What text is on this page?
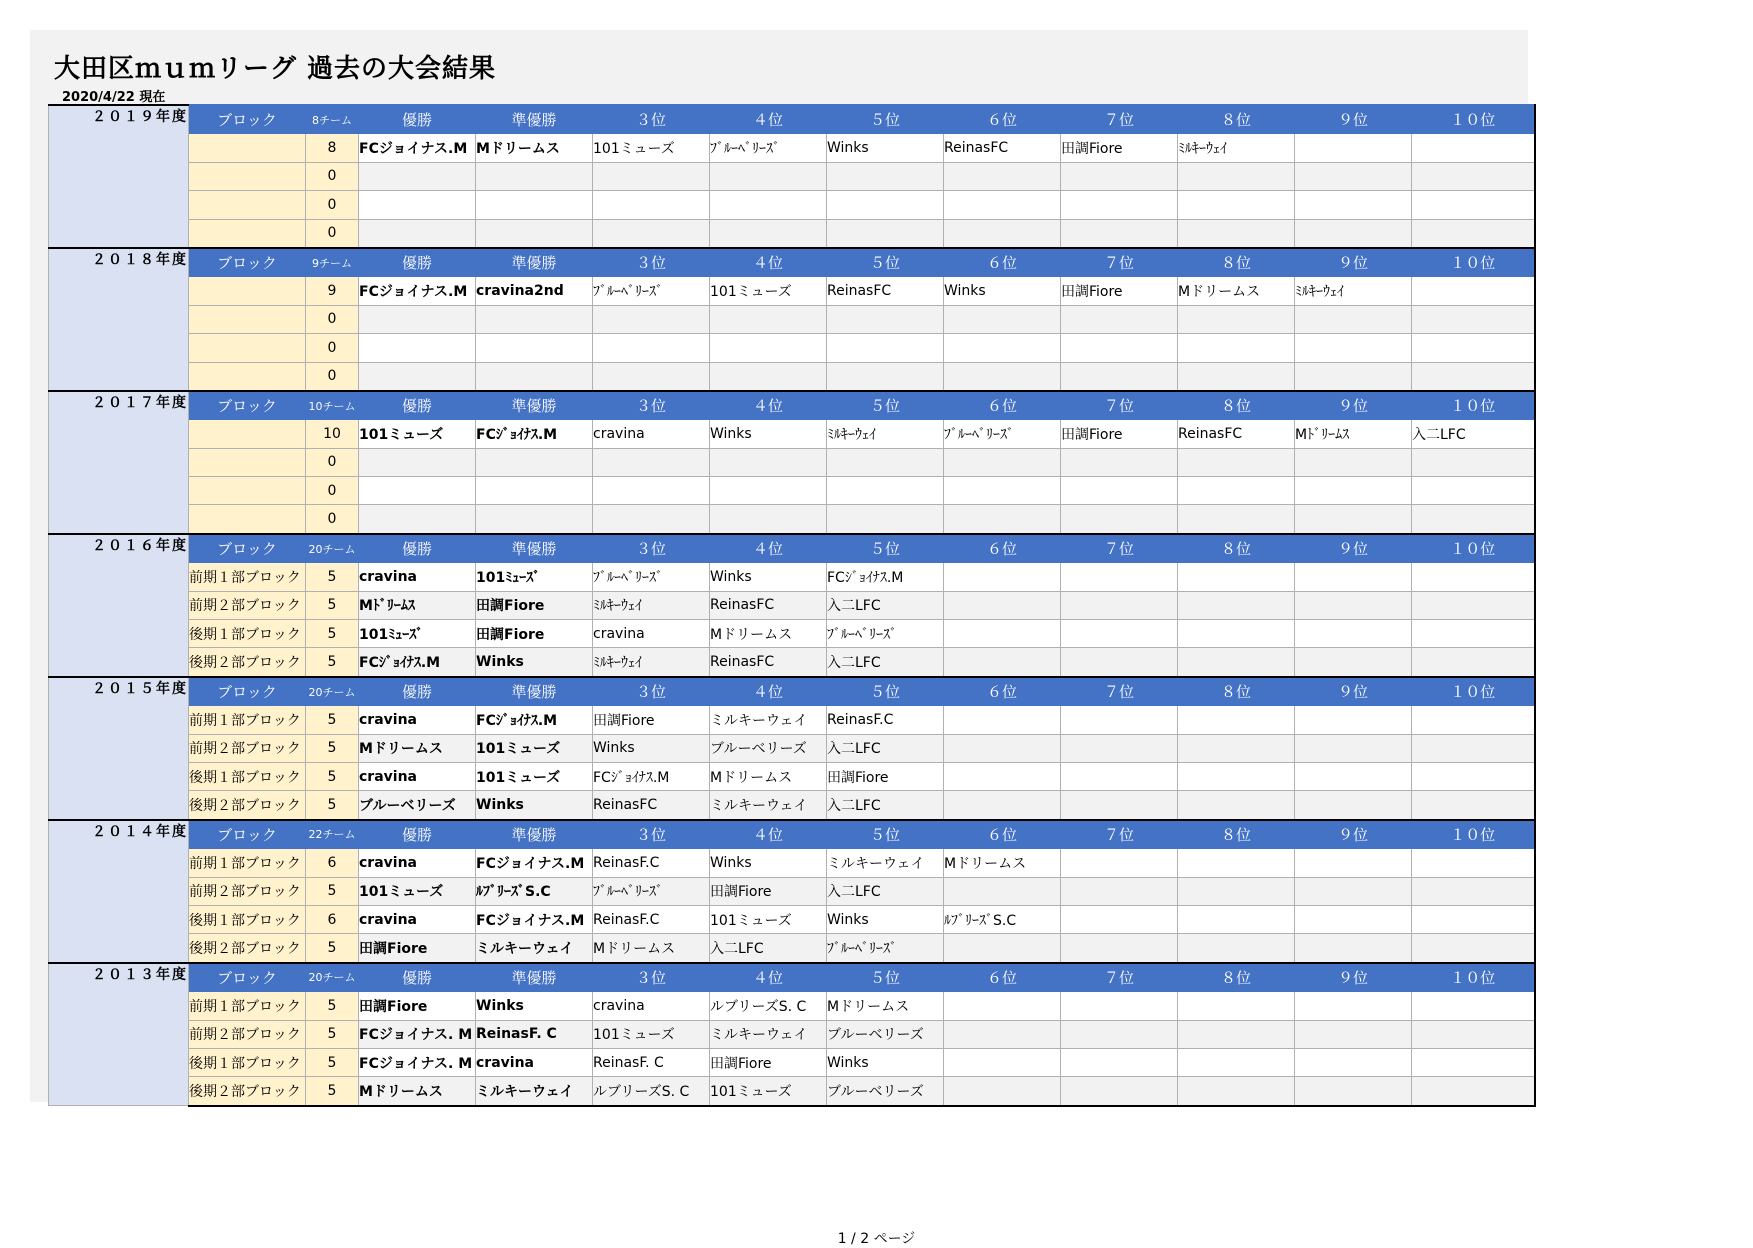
大田区ｍｕｍリーグ 過去の大会結果
2020/4/22 現在
２０１９年度	ブロック	8チーム	優勝	準優勝	３位	４位	５位	６位	７位	８位	９位	１０位
		8	FCジョイナス.M	Mドリームス	101ミューズ	ﾌﾞﾙｰﾍﾞﾘｰｽﾞ	Winks	ReinasFC	田調Fiore	ﾐﾙｷｰｳｪｲ		
		0										
		0										
		0										
２０１８年度	ブロック	9チーム	優勝	準優勝	３位	４位	５位	６位	７位	８位	９位	１０位
		9	FCジョイナス.M	cravina2nd	ﾌﾞﾙｰﾍﾞﾘｰｽﾞ	101ミューズ	ReinasFC	Winks	田調Fiore	Mドリームス	ﾐﾙｷｰｳｪｲ	
		0										
		0										
		0										
２０１７年度	ブロック	10チーム	優勝	準優勝	３位	４位	５位	６位	７位	８位	９位	１０位
		10	101ミューズ	FCｼﾞｮｲﾅｽ.M	cravina	Winks	ﾐﾙｷｰｳｪｲ	ﾌﾞﾙｰﾍﾞﾘｰｽﾞ	田調Fiore	ReinasFC	Mﾄﾞﾘｰﾑｽ	入二LFC
		0										
		0										
		0										
２０１６年度	ブロック	20チーム	優勝	準優勝	３位	４位	５位	６位	７位	８位	９位	１０位
	前期１部ブロック	5	cravina	101ﾐｭｰｽﾞ	ﾌﾞﾙｰﾍﾞﾘｰｽﾞ	Winks	FCｼﾞｮｲﾅｽ.M					
	前期２部ブロック	5	Mﾄﾞﾘｰﾑｽ	田調Fiore	ﾐﾙｷｰｳｪｲ	ReinasFC	入二LFC					
	後期１部ブロック	5	101ﾐｭｰｽﾞ	田調Fiore	cravina	Mドリームス	ﾌﾞﾙｰﾍﾞﾘｰｽﾞ					
	後期２部ブロック	5	FCｼﾞｮｲﾅｽ.M	Winks	ﾐﾙｷｰｳｪｲ	ReinasFC	入二LFC					
２０１５年度	ブロック	20チーム	優勝	準優勝	３位	４位	５位	６位	７位	８位	９位	１０位
	前期１部ブロック	5	cravina	FCｼﾞｮｲﾅｽ.M	田調Fiore	ミルキーウェイ	ReinasF.C					
	前期２部ブロック	5	Mドリームス	101ミューズ	Winks	ブルーベリーズ	入二LFC					
	後期１部ブロック	5	cravina	101ミューズ	FCｼﾞｮｲﾅｽ.M	Mドリームス	田調Fiore					
	後期２部ブロック	5	ブルーベリーズ	Winks	ReinasFC	ミルキーウェイ	入二LFC					
２０１４年度	ブロック	22チーム	優勝	準優勝	３位	４位	５位	６位	７位	８位	９位	１０位
	前期１部ブロック	6	cravina	FCジョイナス.M	ReinasF.C	Winks	ミルキーウェイ	Mドリームス				
	前期２部ブロック	5	101ミューズ	ﾙﾌﾞﾘｰｽﾞS.C	ﾌﾞﾙｰﾍﾞﾘｰｽﾞ	田調Fiore	入二LFC					
	後期１部ブロック	6	cravina	FCジョイナス.M	ReinasF.C	101ミューズ	Winks	ﾙﾌﾞﾘｰｽﾞS.C				
	後期２部ブロック	5	田調Fiore	ミルキーウェイ	Mドリームス	入二LFC	ﾌﾞﾙｰﾍﾞﾘｰｽﾞ					
２０１３年度	ブロック	20チーム	優勝	準優勝	３位	４位	５位	６位	７位	８位	９位	１０位
	前期１部ブロック	5	田調Fiore	Winks	cravina	ルブリーズS. C	Mドリームス					
	前期２部ブロック	5	FCジョイナス. M	ReinasF. C	101ミューズ	ミルキーウェイ	ブルーベリーズ					
	後期１部ブロック	5	FCジョイナス. M	cravina	ReinasF. C	田調Fiore	Winks					
	後期２部ブロック	5	Mドリームス	ミルキーウェイ	ルブリーズS. C	101ミューズ	ブルーベリーズ					
1 / 2 ページ
